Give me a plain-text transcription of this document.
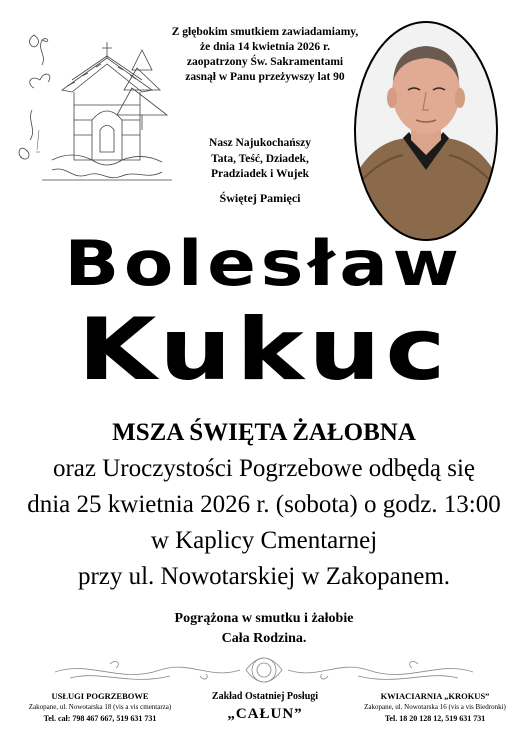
Z głębokim smutkiem zawiadamiamy,
że dnia 14 kwietnia 2026 r.
zaopatrzony Św. Sakramentami
zasnął w Panu przeżywszy lat 90
Nasz Najukochańszy
Tata, Teść, Dziadek,
Pradziadek i Wujek
Świętej Pamięci
Bolesław
Kukuc
MSZA ŚWIĘTA ŻAŁOBNA
oraz Uroczystości Pogrzebowe odbędą się
dnia 25 kwietnia 2026 r. (sobota) o godz. 13:00
w Kaplicy Cmentarnej
przy ul. Nowotarskiej w Zakopanem.
Pogrążona w smutku i żałobie
Cała Rodzina.
USŁUGI POGRZEBOWE
Zakopane, ul. Nowotarska 18 (vis a vis cmentarza)
Tel. cał: 798 467 667, 519 631 731
Zakład Ostatniej Posługi
„CAŁUN”
KWIACIARNIA „KROKUS”
Zakopane, ul. Nowotarska 16 (vis a vis Biedronki)
Tel. 18 20 128 12, 519 631 731
